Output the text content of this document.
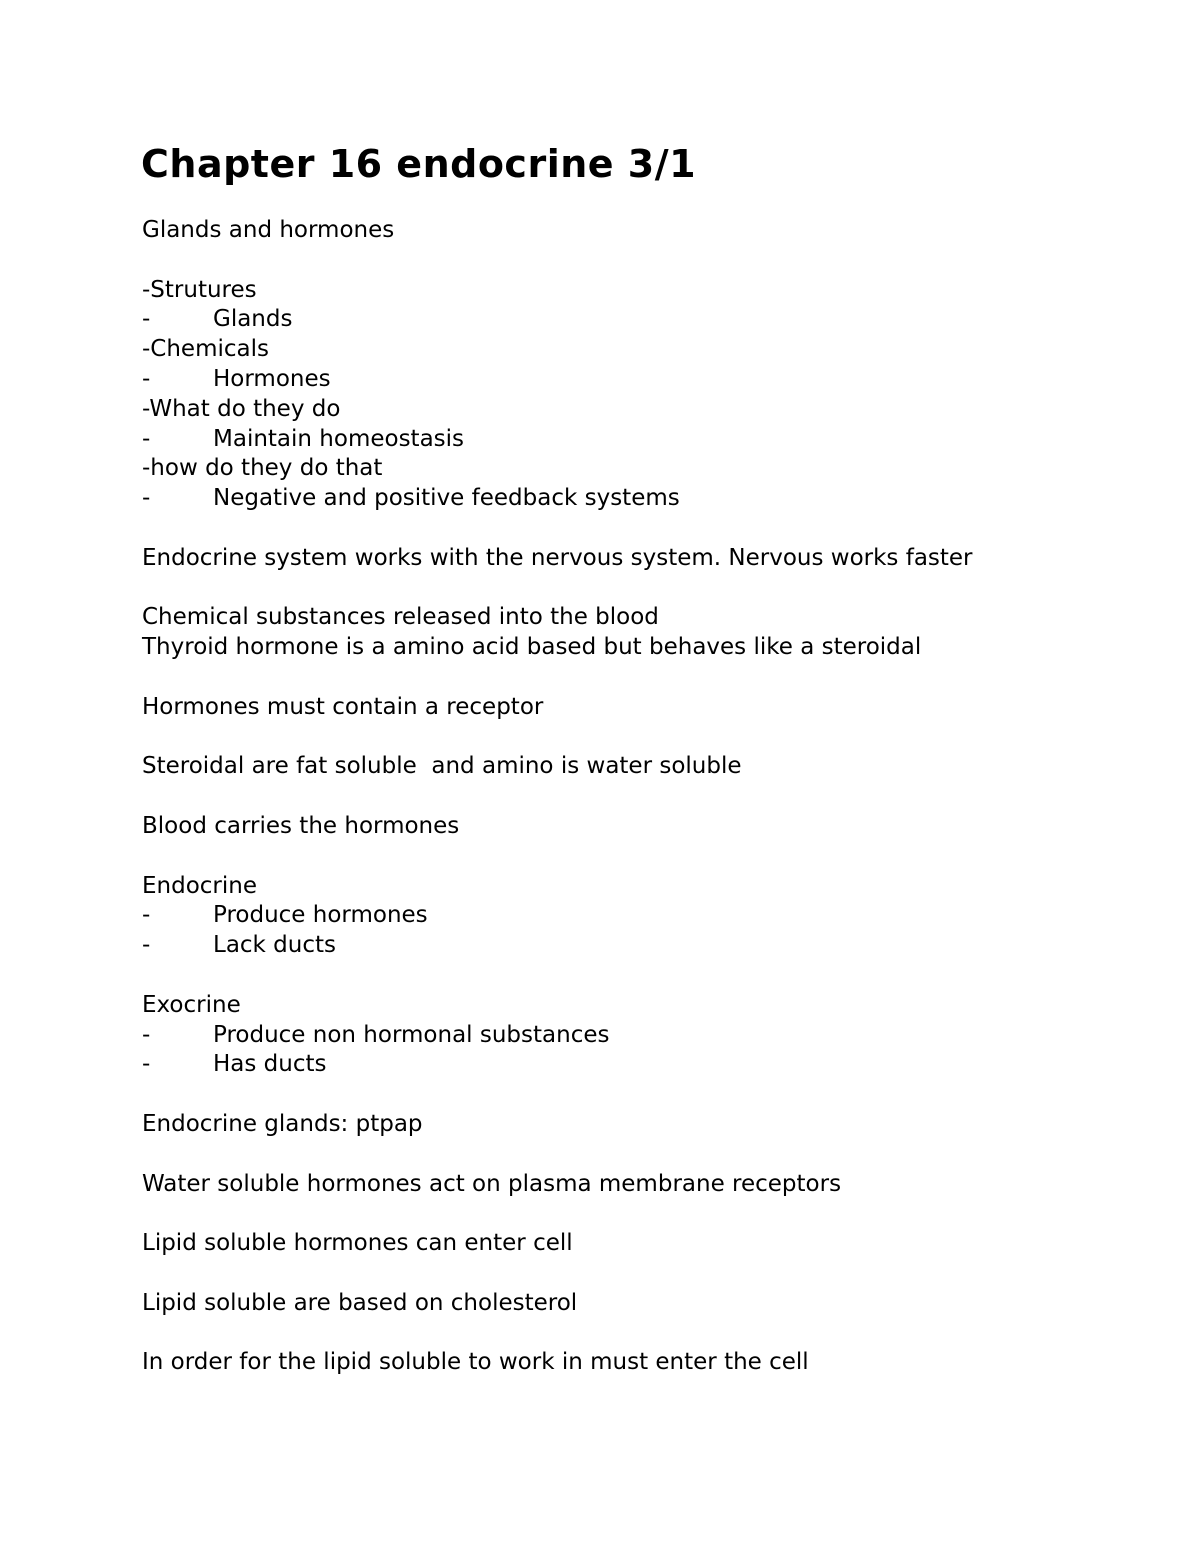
Chapter 16 endocrine 3/1
Glands and hormones
-Strutures
-	Glands
-Chemicals
-	Hormones
-What do they do
-	Maintain homeostasis
-how do they do that
-	Negative and positive feedback systems
Endocrine system works with the nervous system. Nervous works faster
Chemical substances released into the blood
Thyroid hormone is a amino acid based but behaves like a steroidal
Hormones must contain a receptor
Steroidal are fat soluble  and amino is water soluble
Blood carries the hormones
Endocrine
-	Produce hormones
-	Lack ducts
Exocrine
-	Produce non hormonal substances
-	Has ducts
Endocrine glands: ptpap
Water soluble hormones act on plasma membrane receptors
Lipid soluble hormones can enter cell
Lipid soluble are based on cholesterol
In order for the lipid soluble to work in must enter the cell
